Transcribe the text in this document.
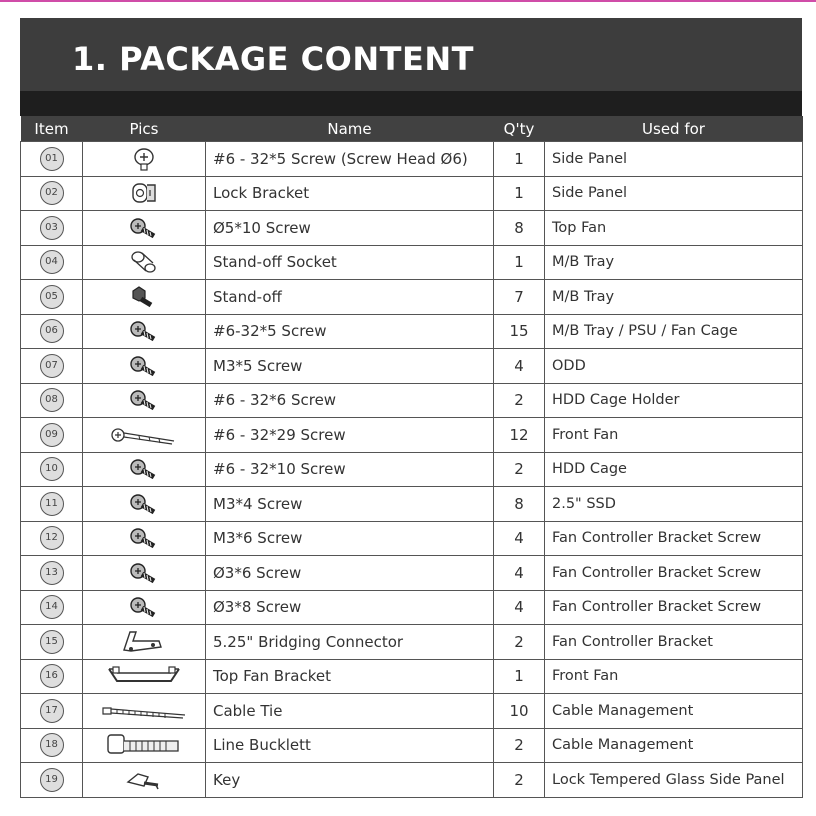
1. PACKAGE CONTENT
Item	Pics	Name	Q'ty	Used for
01		#6 - 32*5 Screw (Screw Head Ø6)	1	Side Panel
02		Lock Bracket	1	Side Panel
03		Ø5*10 Screw	8	Top Fan
04		Stand-off Socket	1	M/B Tray
05		Stand-off	7	M/B Tray
06		#6-32*5 Screw	15	M/B Tray / PSU / Fan Cage
07		M3*5 Screw	4	ODD
08		#6 - 32*6 Screw	2	HDD Cage Holder
09		#6 - 32*29 Screw	12	Front Fan
10		#6 - 32*10 Screw	2	HDD Cage
11		M3*4 Screw	8	2.5" SSD
12		M3*6 Screw	4	Fan Controller Bracket Screw
13		Ø3*6 Screw	4	Fan Controller Bracket Screw
14		Ø3*8 Screw	4	Fan Controller Bracket Screw
15		5.25" Bridging Connector	2	Fan Controller Bracket
16		Top Fan Bracket	1	Front Fan
17		Cable Tie	10	Cable Management
18		Line Bucklett	2	Cable Management
19		Key	2	Lock Tempered Glass Side Panel
